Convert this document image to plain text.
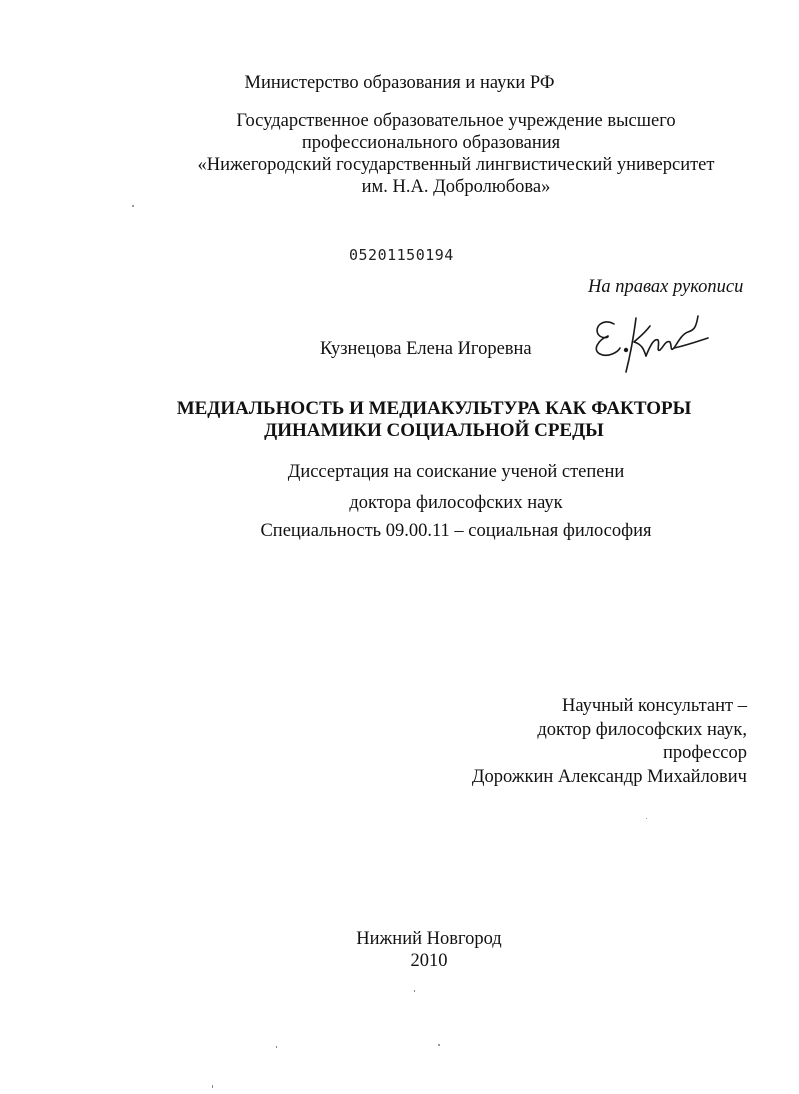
Министерство образования и науки РФ
Государственное образовательное учреждение высшего
профессионального образования
«Нижегородский государственный лингвистический университет
им. Н.А. Добролюбова»
05201150194
На правах рукописи
Кузнецова Елена Игоревна
МЕДИАЛЬНОСТЬ И МЕДИАКУЛЬТУРА КАК ФАКТОРЫ
ДИНАМИКИ СОЦИАЛЬНОЙ СРЕДЫ
Диссертация на соискание ученой степени
доктора философских наук
Специальность 09.00.11 – социальная философия
Научный консультант –
доктор философских наук,
профессор
Дорожкин Александр Михайлович
Нижний Новгород
2010
